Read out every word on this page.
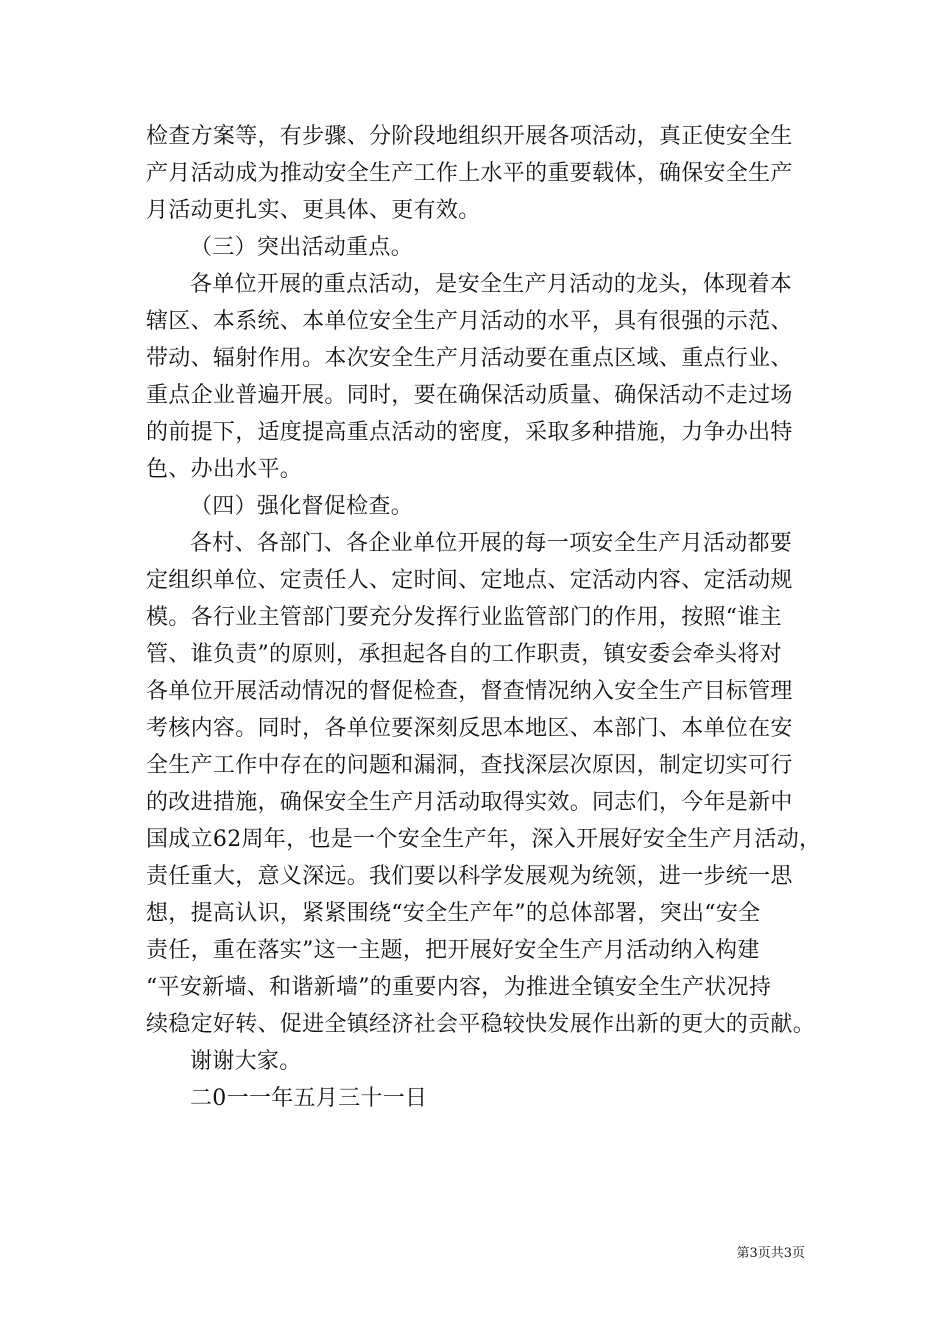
检查方案等，有步骤、分阶段地组织开展各项活动，真正使安全生
产月活动成为推动安全生产工作上水平的重要载体，确保安全生产
月活动更扎实、更具体、更有效。
（三）突出活动重点。
各单位开展的重点活动，是安全生产月活动的龙头，体现着本
辖区、本系统、本单位安全生产月活动的水平，具有很强的示范、
带动、辐射作用。本次安全生产月活动要在重点区域、重点行业、
重点企业普遍开展。同时，要在确保活动质量、确保活动不走过场
的前提下，适度提高重点活动的密度，采取多种措施，力争办出特
色、办出水平。
（四）强化督促检查。
各村、各部门、各企业单位开展的每一项安全生产月活动都要
定组织单位、定责任人、定时间、定地点、定活动内容、定活动规
模。各行业主管部门要充分发挥行业监管部门的作用，按照“谁主
管、谁负责”的原则，承担起各自的工作职责，镇安委会牵头将对
各单位开展活动情况的督促检查，督查情况纳入安全生产目标管理
考核内容。同时，各单位要深刻反思本地区、本部门、本单位在安
全生产工作中存在的问题和漏洞，查找深层次原因，制定切实可行
的改进措施，确保安全生产月活动取得实效。同志们，今年是新中
国成立62周年，也是一个安全生产年，深入开展好安全生产月活动，
责任重大，意义深远。我们要以科学发展观为统领，进一步统一思
想，提高认识，紧紧围绕“安全生产年”的总体部署，突出“安全
责任，重在落实”这一主题，把开展好安全生产月活动纳入构建
“平安新墙、和谐新墙”的重要内容，为推进全镇安全生产状况持
续稳定好转、促进全镇经济社会平稳较快发展作出新的更大的贡献。
谢谢大家。
二0一一年五月三十一日
第3页共3页
